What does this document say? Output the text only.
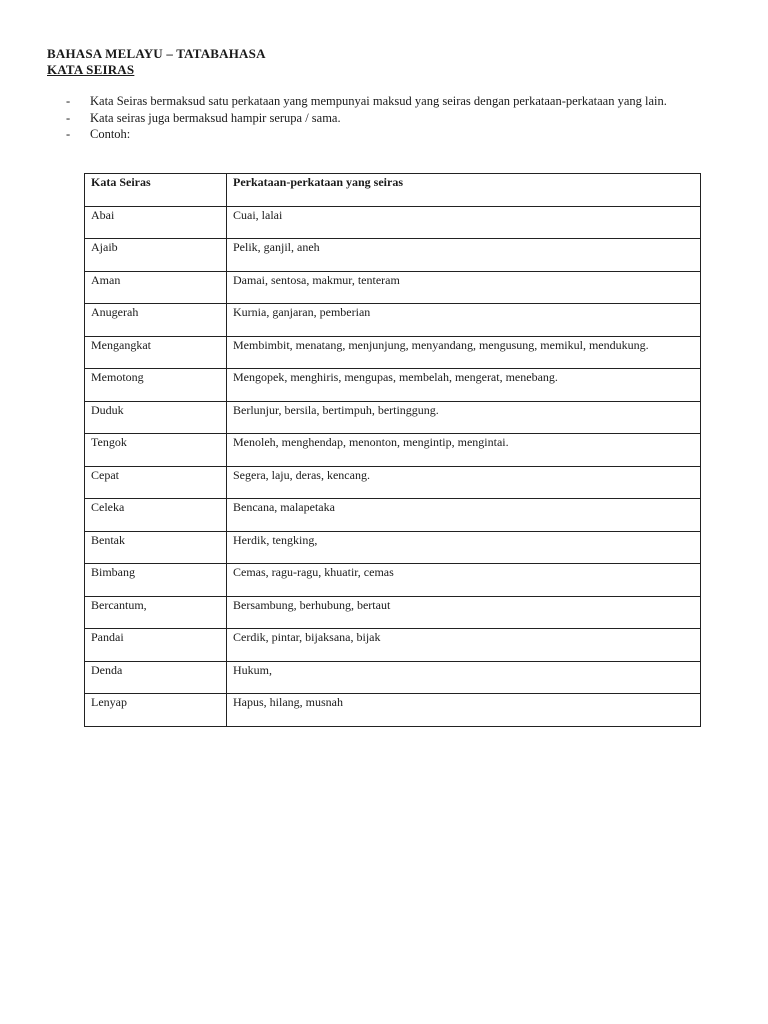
BAHASA MELAYU – TATABAHASA
KATA SEIRAS
- Kata Seiras bermaksud satu perkataan yang mempunyai maksud yang seiras dengan perkataan-perkataan yang lain.
- Kata seiras juga bermaksud hampir serupa / sama.
- Contoh:
Kata Seiras	Perkataan-perkataan yang seiras
Abai	Cuai, lalai
Ajaib	Pelik, ganjil, aneh
Aman	Damai, sentosa, makmur, tenteram
Anugerah	Kurnia, ganjaran, pemberian
Mengangkat	Membimbit, menatang, menjunjung, menyandang, mengusung, memikul, mendukung.
Memotong	Mengopek, menghiris, mengupas, membelah, mengerat, menebang.
Duduk	Berlunjur, bersila, bertimpuh, bertinggung.
Tengok	Menoleh, menghendap, menonton, mengintip, mengintai.
Cepat	Segera, laju, deras, kencang.
Celeka	Bencana, malapetaka
Bentak	Herdik, tengking,
Bimbang	Cemas, ragu-ragu, khuatir, cemas
Bercantum,	Bersambung, berhubung, bertaut
Pandai	Cerdik, pintar, bijaksana, bijak
Denda	Hukum,
Lenyap	Hapus, hilang, musnah
